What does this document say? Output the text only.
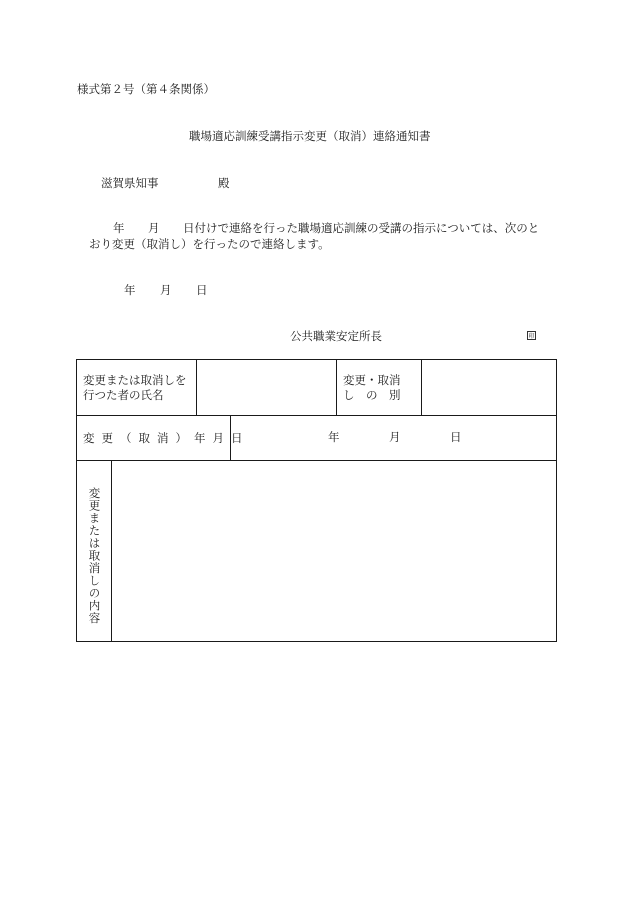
様式第２号（第４条関係）
職場適応訓練受講指示変更（取消）連絡通知書
滋賀県知事	殿
年 月 日付けで連絡を行った職場適応訓練の受講の指示については、次のと
おり変更（取消し）を行ったので連絡します。
年 月 日
公共職業安定所長	印
変更または取消しを
行つた者の氏名				変更・取消
し　の　別	

変更（取消）年月日			年 月 日		

変更または取消しの内容					
